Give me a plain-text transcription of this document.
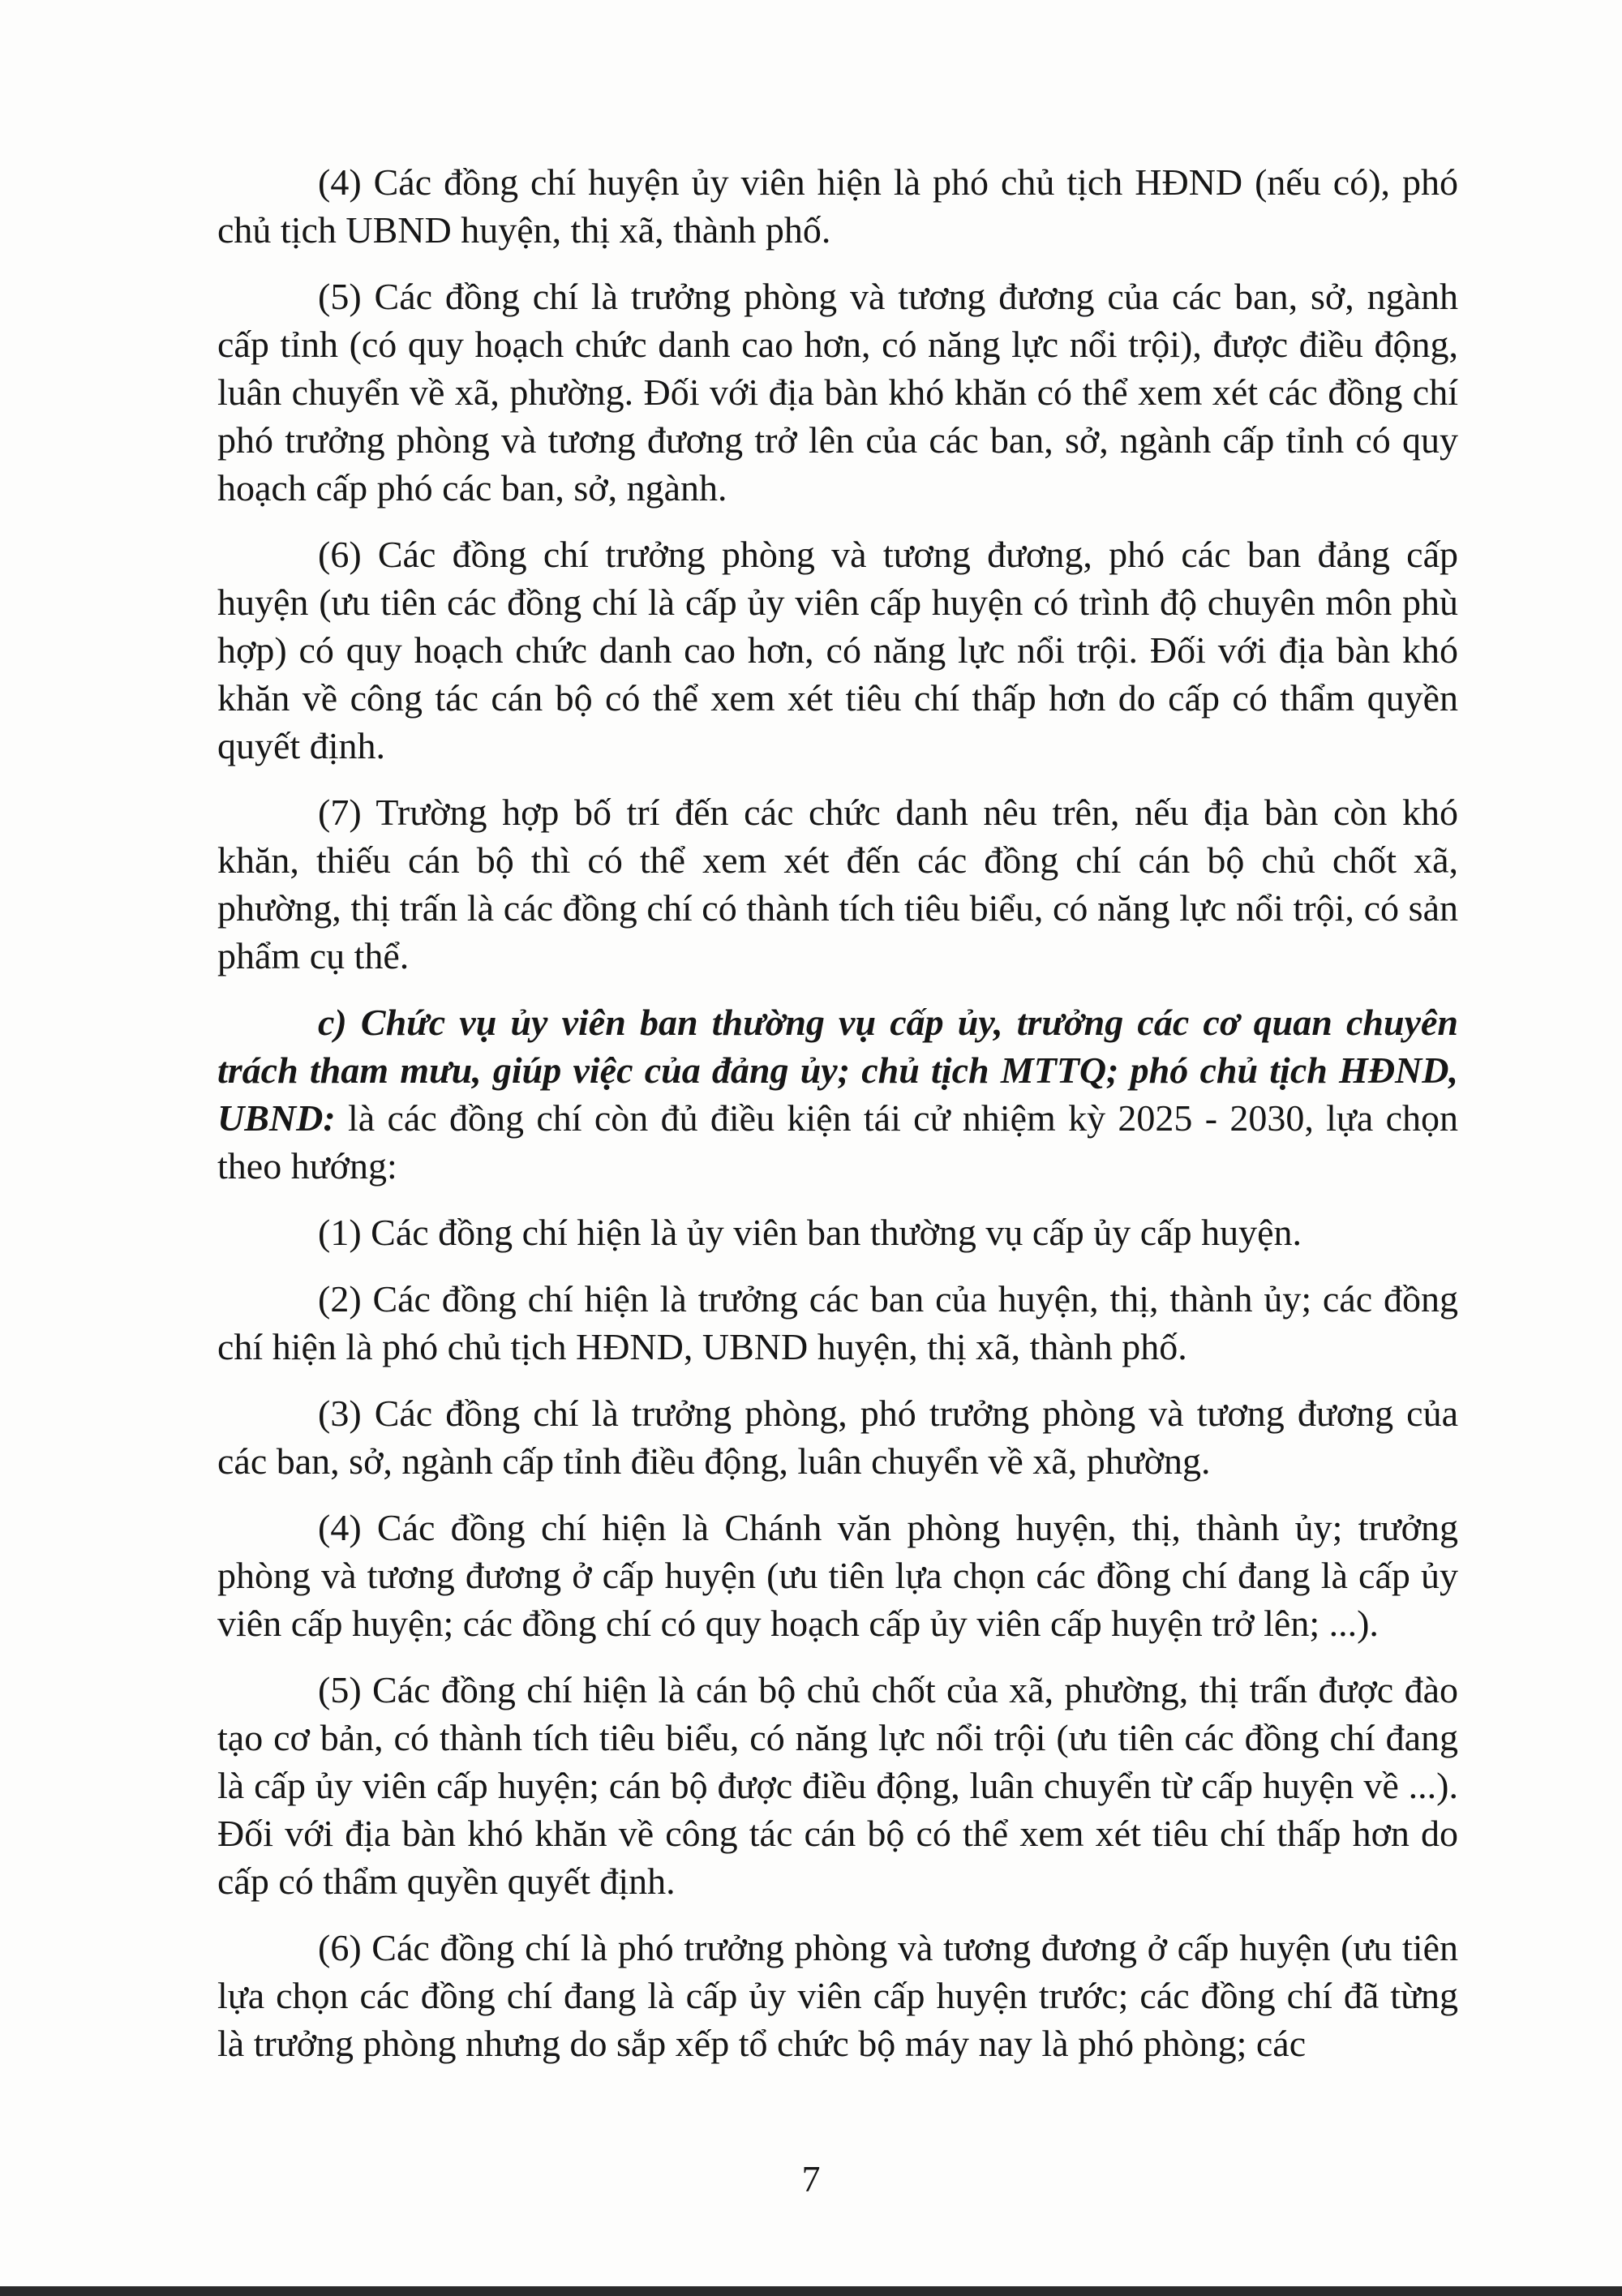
(4) Các đồng chí huyện ủy viên hiện là phó chủ tịch HĐND (nếu có), phó chủ tịch UBND huyện, thị xã, thành phố.

(5) Các đồng chí là trưởng phòng và tương đương của các ban, sở, ngành cấp tỉnh (có quy hoạch chức danh cao hơn, có năng lực nổi trội), được điều động, luân chuyển về xã, phường. Đối với địa bàn khó khăn có thể xem xét các đồng chí phó trưởng phòng và tương đương trở lên của các ban, sở, ngành cấp tỉnh có quy hoạch cấp phó các ban, sở, ngành.

(6) Các đồng chí trưởng phòng và tương đương, phó các ban đảng cấp huyện (ưu tiên các đồng chí là cấp ủy viên cấp huyện có trình độ chuyên môn phù hợp) có quy hoạch chức danh cao hơn, có năng lực nổi trội. Đối với địa bàn khó khăn về công tác cán bộ có thể xem xét tiêu chí thấp hơn do cấp có thẩm quyền quyết định.

(7) Trường hợp bố trí đến các chức danh nêu trên, nếu địa bàn còn khó khăn, thiếu cán bộ thì có thể xem xét đến các đồng chí cán bộ chủ chốt xã, phường, thị trấn là các đồng chí có thành tích tiêu biểu, có năng lực nổi trội, có sản phẩm cụ thể.

c) Chức vụ ủy viên ban thường vụ cấp ủy, trưởng các cơ quan chuyên trách tham mưu, giúp việc của đảng ủy; chủ tịch MTTQ; phó chủ tịch HĐND, UBND: là các đồng chí còn đủ điều kiện tái cử nhiệm kỳ 2025 - 2030, lựa chọn theo hướng:

(1) Các đồng chí hiện là ủy viên ban thường vụ cấp ủy cấp huyện.

(2) Các đồng chí hiện là trưởng các ban của huyện, thị, thành ủy; các đồng chí hiện là phó chủ tịch HĐND, UBND huyện, thị xã, thành phố.

(3) Các đồng chí là trưởng phòng, phó trưởng phòng và tương đương của các ban, sở, ngành cấp tỉnh điều động, luân chuyển về xã, phường.

(4) Các đồng chí hiện là Chánh văn phòng huyện, thị, thành ủy; trưởng phòng và tương đương ở cấp huyện (ưu tiên lựa chọn các đồng chí đang là cấp ủy viên cấp huyện; các đồng chí có quy hoạch cấp ủy viên cấp huyện trở lên; ...).

(5) Các đồng chí hiện là cán bộ chủ chốt của xã, phường, thị trấn được đào tạo cơ bản, có thành tích tiêu biểu, có năng lực nổi trội (ưu tiên các đồng chí đang là cấp ủy viên cấp huyện; cán bộ được điều động, luân chuyển từ cấp huyện về ...). Đối với địa bàn khó khăn về công tác cán bộ có thể xem xét tiêu chí thấp hơn do cấp có thẩm quyền quyết định.

(6) Các đồng chí là phó trưởng phòng và tương đương ở cấp huyện (ưu tiên lựa chọn các đồng chí đang là cấp ủy viên cấp huyện trước; các đồng chí đã từng là trưởng phòng nhưng do sắp xếp tổ chức bộ máy nay là phó phòng; các

7
